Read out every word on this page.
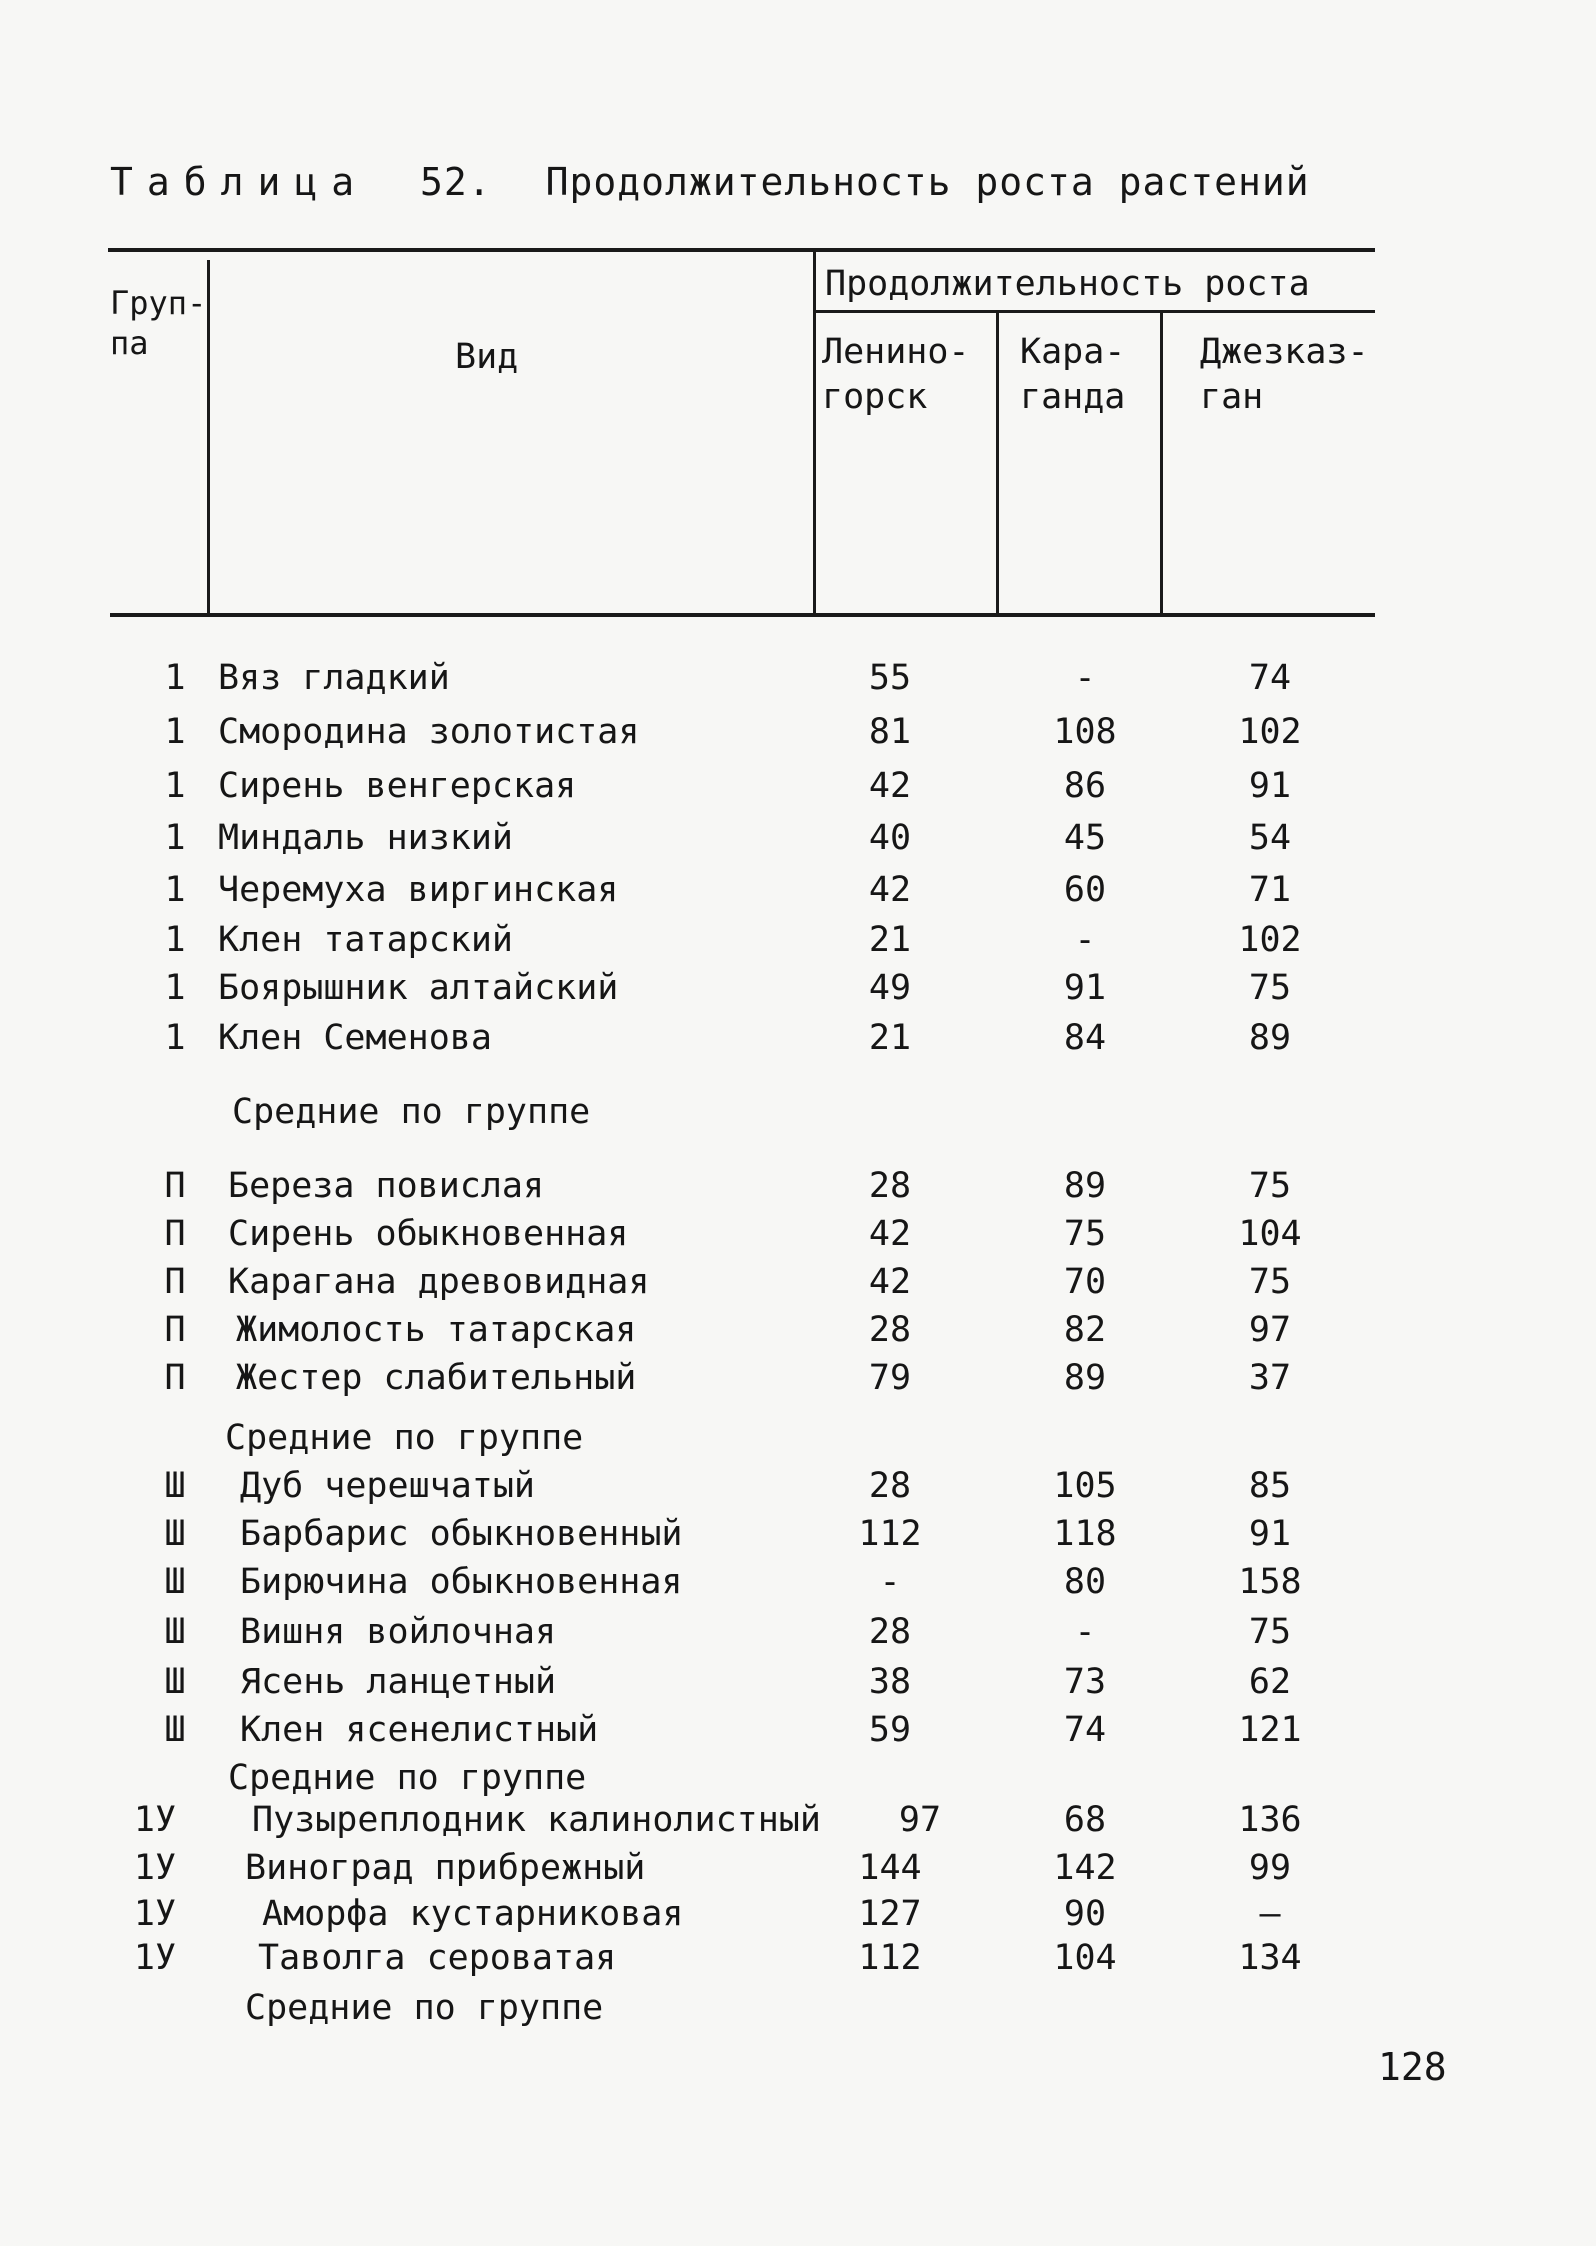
Таблица 52. Продолжительность роста растений
Груп-
па	Вид
Продолжительность роста
Ленино-
горск
Кара-
ганда
Джезказ-
ган
1 Вяз гладкий	55	-	74
1 Смородина золотистая	81	108	102
1 Сирень венгерская	42	86	91
1 Миндаль низкий	40	45	54
1 Черемуха виргинская	42	60	71
1 Клен татарский	21	-	102
1 Боярышник алтайский	49	91	75
1 Клен Семенова	21	84	89
Средние по группе
П	Береза повислая	28	89	75
П	Сирень обыкновенная	42	75	104
П	Карагана древовидная	42	70	75
П	Жимолость татарская	28	82	97
П	Жестер слабительный	79	89	37
Средние по группе
Ш	Дуб черешчатый	28	105	85
Ш	Барбарис обыкновенный	112	118	91
Ш	Бирючина обыкновенная	-	80	158
Ш	Вишня войлочная	28	-	75
Ш	Ясень ланцетный	38	73	62
Ш	Клен ясенелистный	59	74	121
Средние по группе
1У	Пузыреплодник калинолистный	97	68	136
1У	Виноград прибрежный	144	142	99
1У	Аморфа кустарниковая	127	90	—
1У	Таволга сероватая	112	104	134
Средние по группе
128
